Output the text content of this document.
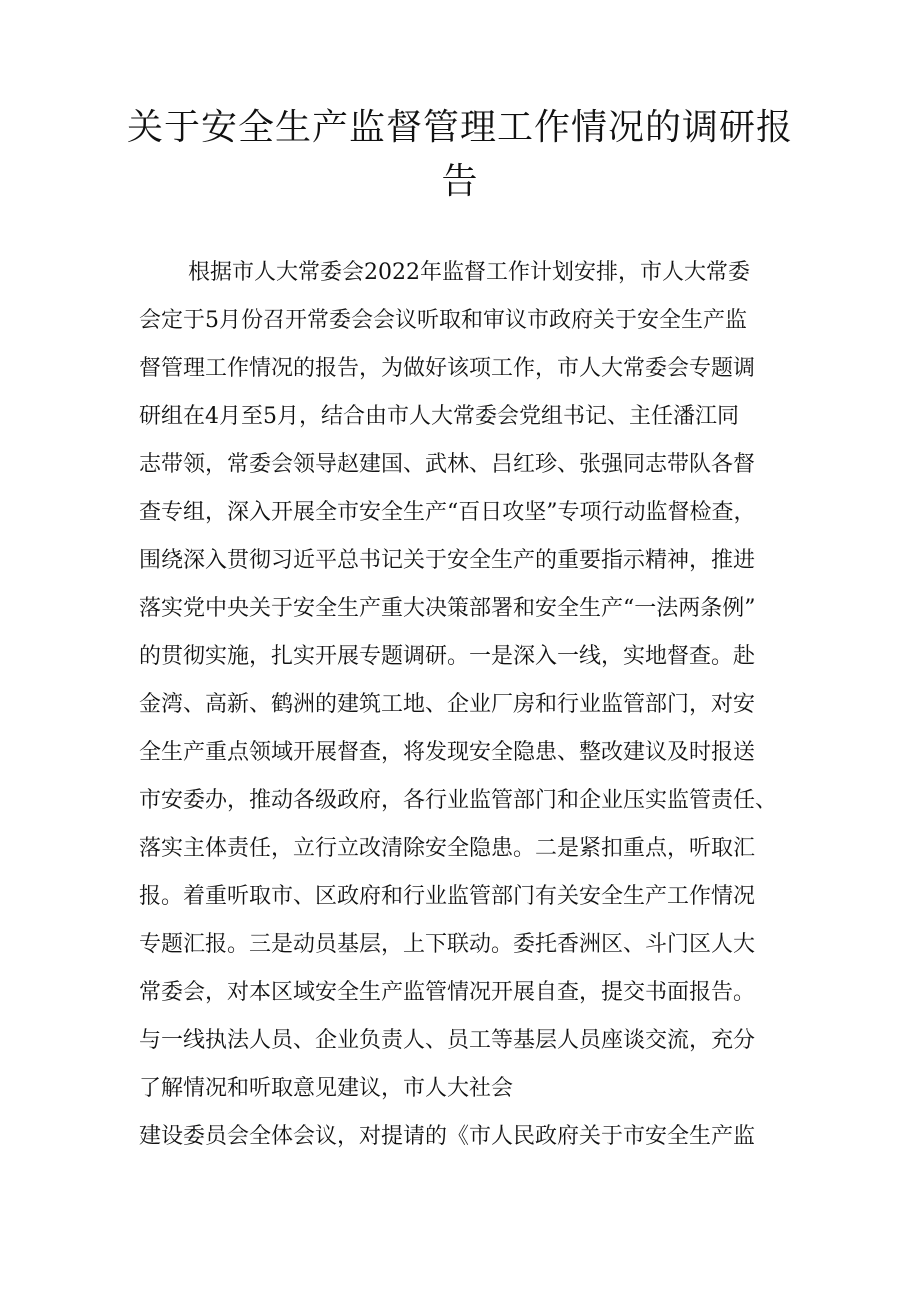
关于安全生产监督管理工作情况的调研报
告
根据市人大常委会2022年监督工作计划安排，市人大常委
会定于5月份召开常委会会议听取和审议市政府关于安全生产监
督管理工作情况的报告，为做好该项工作，市人大常委会专题调
研组在4月至5月，结合由市人大常委会党组书记、主任潘江同
志带领，常委会领导赵建国、武林、吕红珍、张强同志带队各督
查专组，深入开展全市安全生产“百日攻坚”专项行动监督检查，
围绕深入贯彻习近平总书记关于安全生产的重要指示精神，推进
落实党中央关于安全生产重大决策部署和安全生产“一法两条例”
的贯彻实施，扎实开展专题调研。一是深入一线，实地督查。赴
金湾、高新、鹤洲的建筑工地、企业厂房和行业监管部门，对安
全生产重点领域开展督查，将发现安全隐患、整改建议及时报送
市安委办，推动各级政府，各行业监管部门和企业压实监管责任、
落实主体责任，立行立改清除安全隐患。二是紧扣重点，听取汇
报。着重听取市、区政府和行业监管部门有关安全生产工作情况
专题汇报。三是动员基层，上下联动。委托香洲区、斗门区人大
常委会，对本区域安全生产监管情况开展自查，提交书面报告。
与一线执法人员、企业负责人、员工等基层人员座谈交流，充分
了解情况和听取意见建议，市人大社会
建设委员会全体会议，对提请的《市人民政府关于市安全生产监
